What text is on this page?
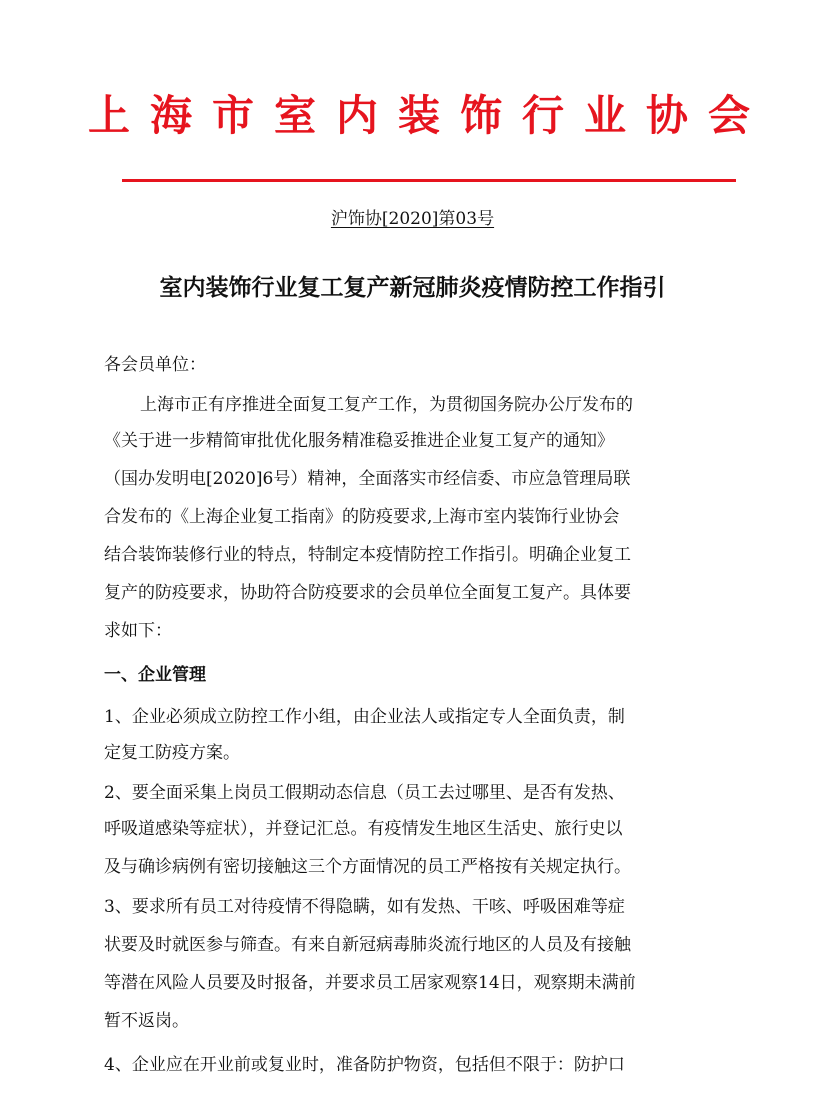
上海市室内装饰行业协会
沪饰协[2020]第03号
室内装饰行业复工复产新冠肺炎疫情防控工作指引
各会员单位：
上海市正有序推进全面复工复产工作，为贯彻国务院办公厅发布的
《关于进一步精简审批优化服务精准稳妥推进企业复工复产的通知》
（国办发明电[2020]6号）精神，全面落实市经信委、市应急管理局联
合发布的《上海企业复工指南》的防疫要求,上海市室内装饰行业协会
结合装饰装修行业的特点，特制定本疫情防控工作指引。明确企业复工
复产的防疫要求，协助符合防疫要求的会员单位全面复工复产。具体要
求如下：
一、企业管理
1、企业必须成立防控工作小组，由企业法人或指定专人全面负责，制
定复工防疫方案。
2、要全面采集上岗员工假期动态信息（员工去过哪里、是否有发热、
呼吸道感染等症状），并登记汇总。有疫情发生地区生活史、旅行史以
及与确诊病例有密切接触这三个方面情况的员工严格按有关规定执行。
3、要求所有员工对待疫情不得隐瞒，如有发热、干咳、呼吸困难等症
状要及时就医参与筛查。有来自新冠病毒肺炎流行地区的人员及有接触
等潜在风险人员要及时报备，并要求员工居家观察14日，观察期未满前
暂不返岗。
4、企业应在开业前或复业时，准备防护物资，包括但不限于：防护口
